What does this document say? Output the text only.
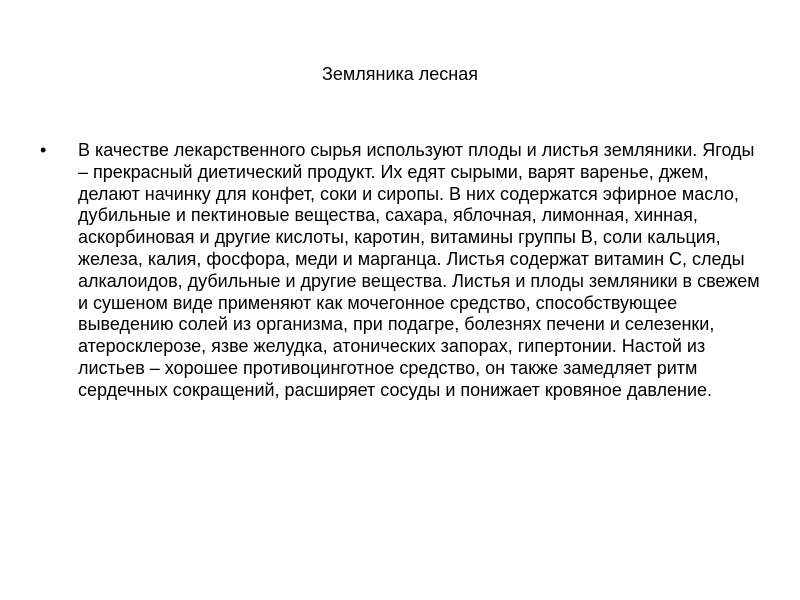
Земляника лесная
•	В качестве лекарственного сырья используют плоды и листья земляники. Ягоды – прекрасный диетический продукт. Их едят сырыми, варят варенье, джем, делают начинку для конфет, соки и сиропы. В них содержатся эфирное масло, дубильные и пектиновые вещества, сахара, яблочная, лимонная, хинная, аскорбиновая и другие кислоты, каротин, витамины группы В, соли кальция, железа, калия, фосфора, меди и марганца. Листья содержат витамин С, следы алкалоидов, дубильные и другие вещества. Листья и плоды земляники в свежем и сушеном виде применяют как мочегонное средство, способствующее выведению солей из организма, при подагре, болезнях печени и селезенки, атеросклерозе, язве желудка, атонических запорах, гипертонии. Настой из листьев – хорошее противоцинготное средство, он также замедляет ритм сердечных сокращений, расширяет сосуды и понижает кровяное давление.
